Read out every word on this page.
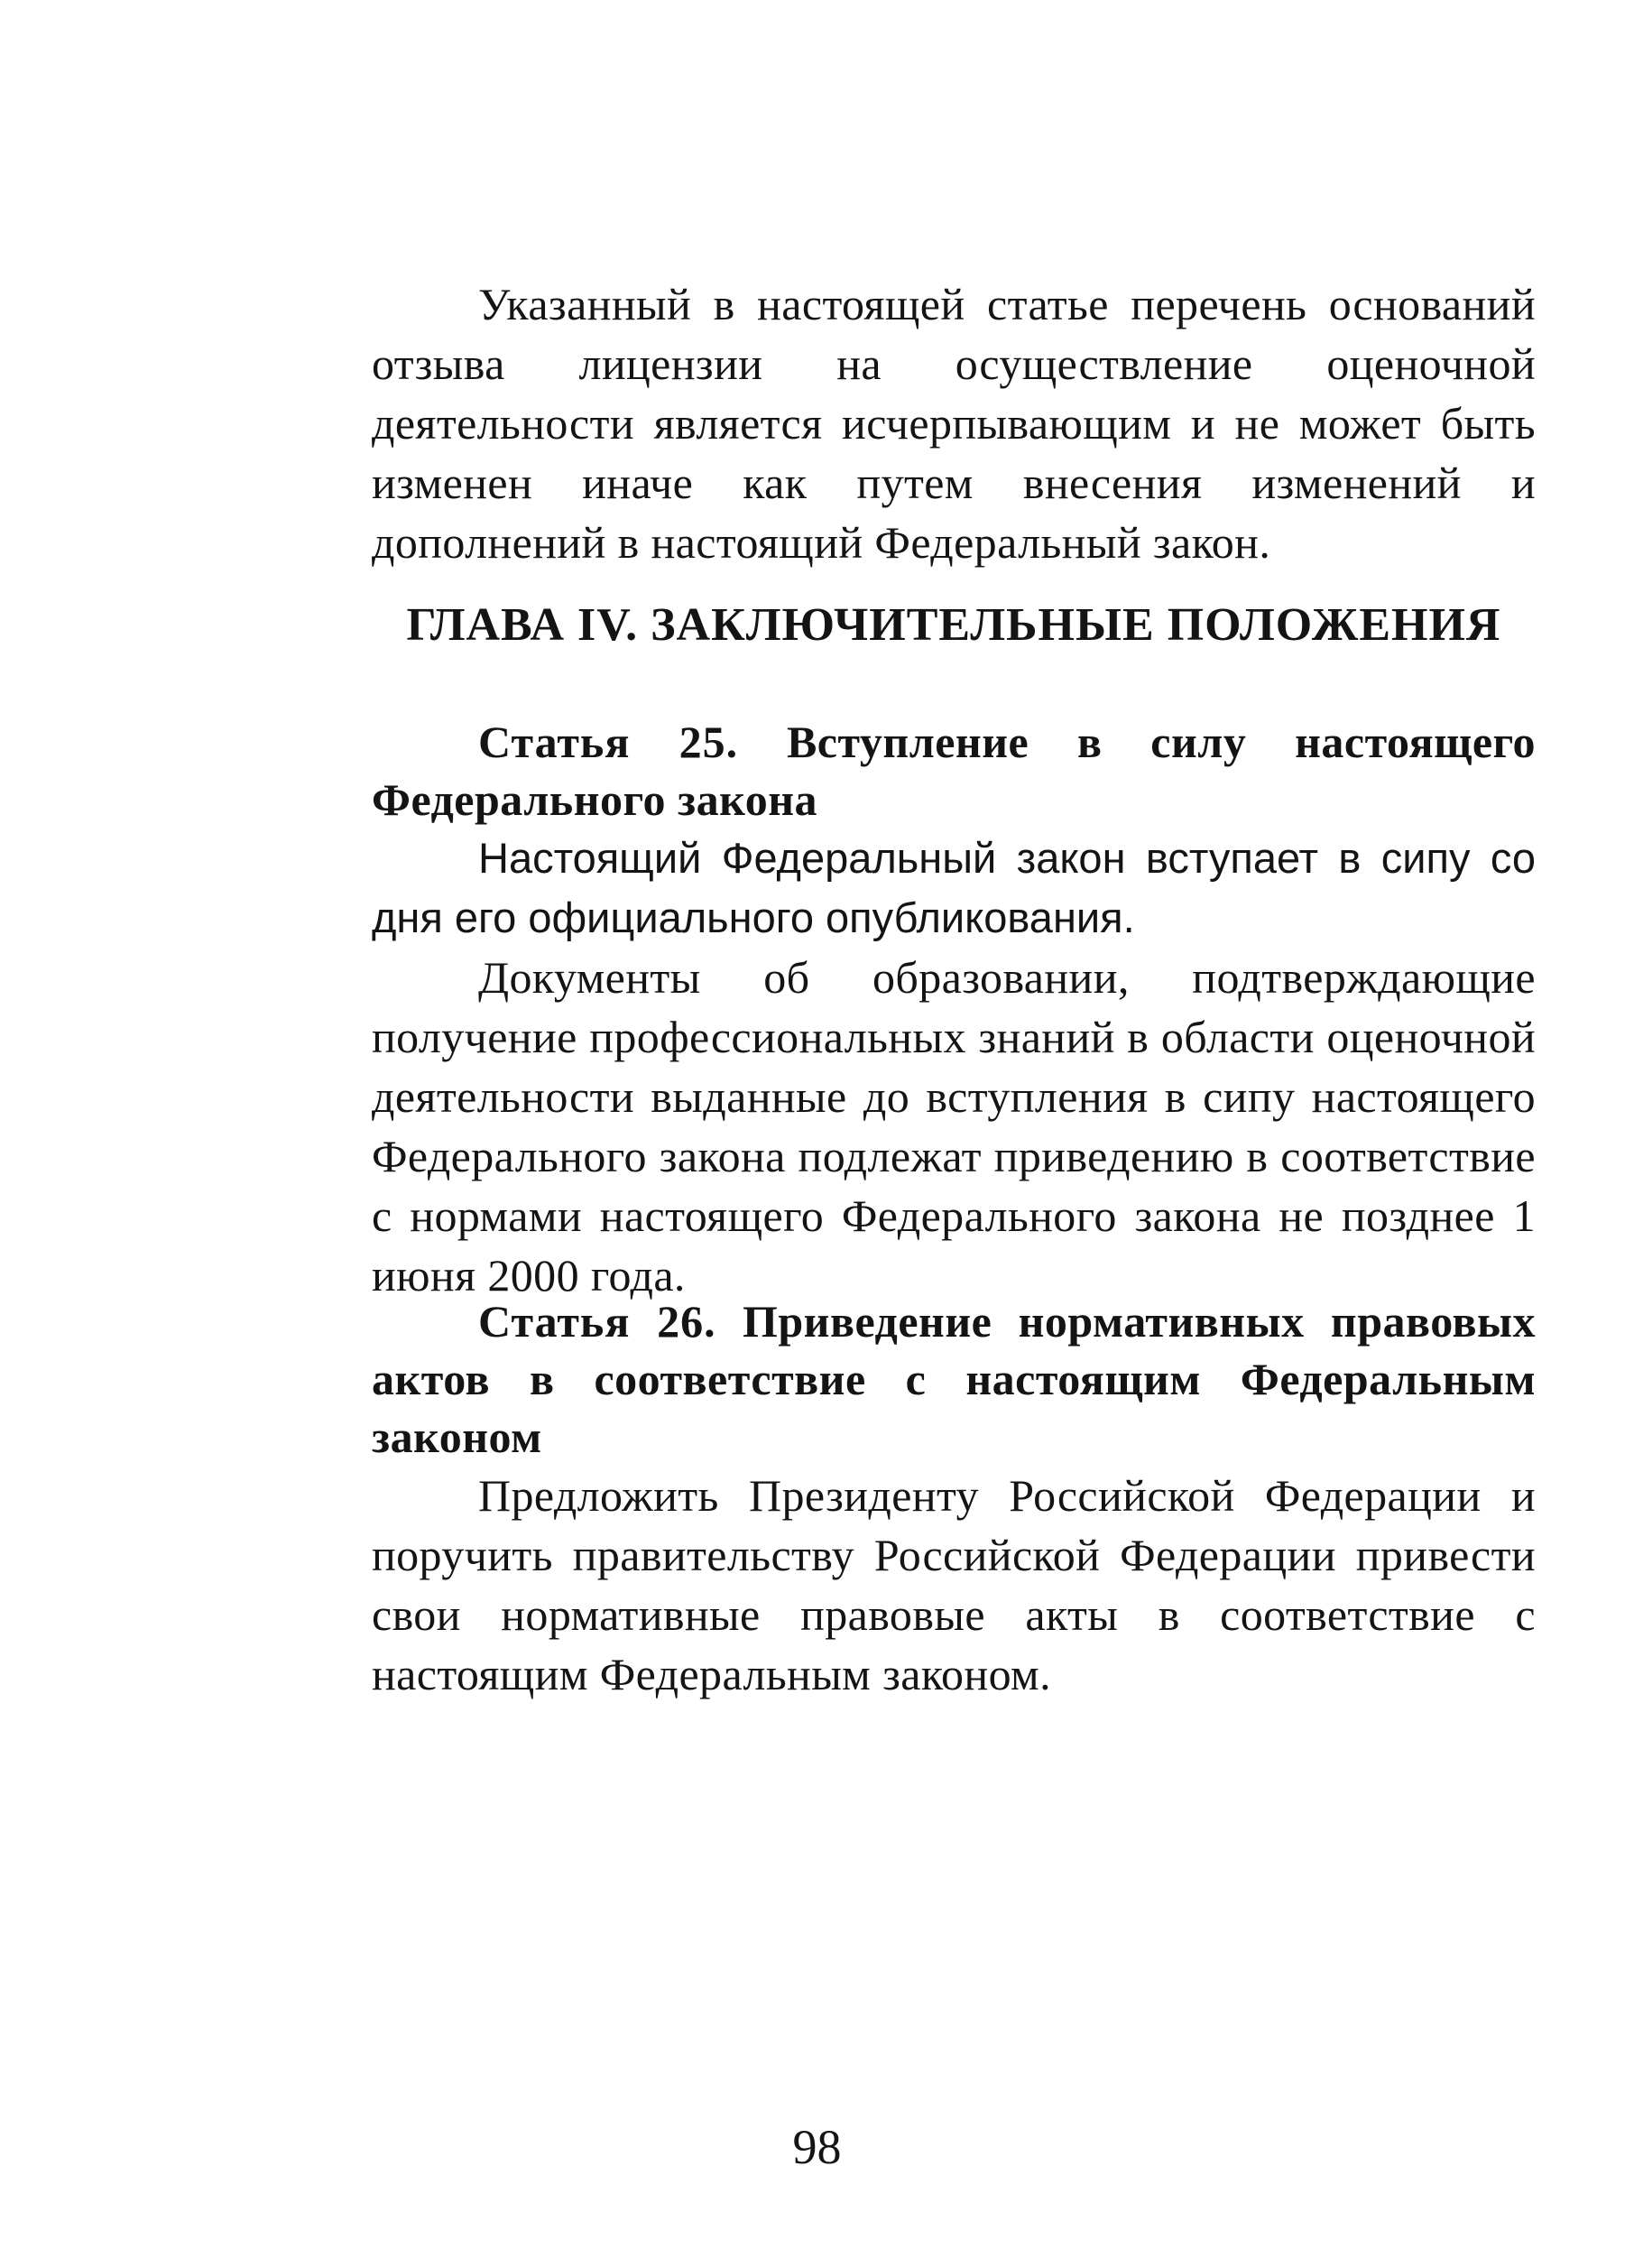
Указанный в настоящей статье перечень оснований отзыва лицензии на осуществление оценочной деятельности является исчерпывающим и не может быть изменен иначе как путем внесения изменений и дополнений в настоящий Федеральный закон.

ГЛАВА IV. ЗАКЛЮЧИТЕЛЬНЫЕ ПОЛОЖЕНИЯ

Статья 25. Вступление в силу настоящего Федерального закона

Настоящий Федеральный закон вступает в сипу со дня его официального опубликования.

Документы об образовании, подтверждающие получение профессиональных знаний в области оценочной деятельности выданные до вступления в сипу настоящего Федерального закона подлежат приведению в соответствие с нормами настоящего Федерального закона не позднее 1 июня 2000 года.

Статья 26. Приведение нормативных правовых актов в соответствие с настоящим Федеральным законом

Предложить Президенту Российской Федерации и поручить правительству Российской Федерации привести свои нормативные правовые акты в соответствие с настоящим Федеральным законом.

98
